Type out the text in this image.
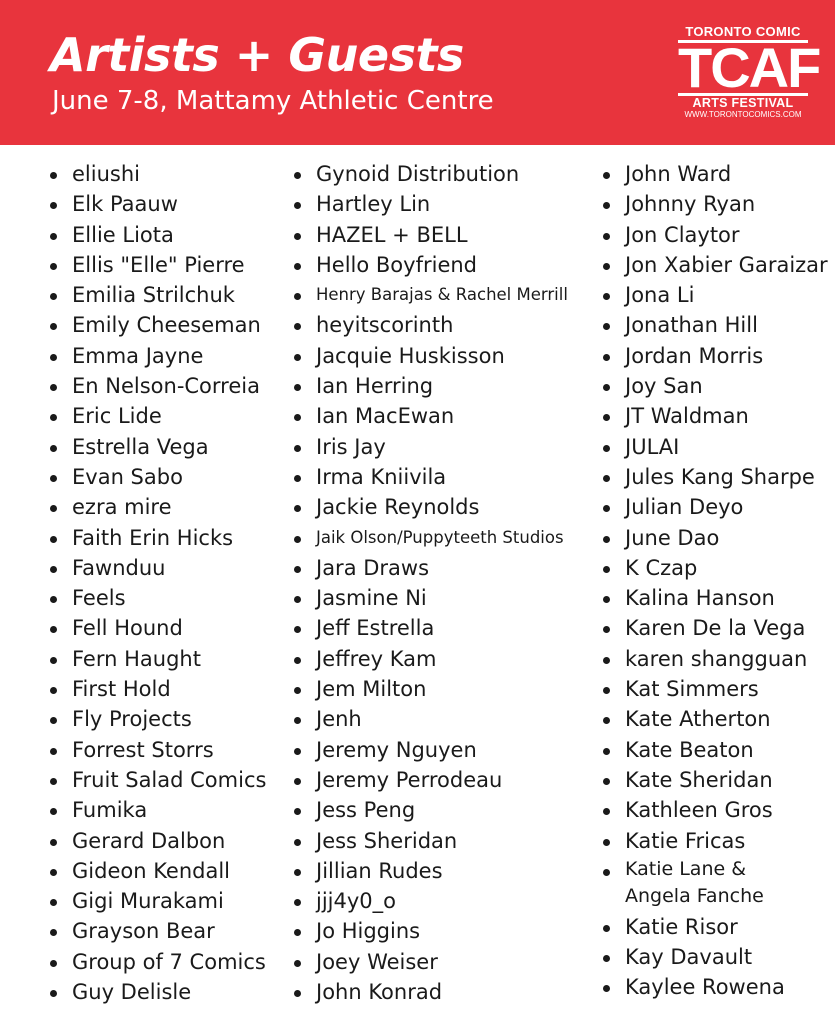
Artists + Guests
June 7-8, Mattamy Athletic Centre
TORONTO COMIC
TCAF
ARTS FESTIVAL
WWW.TORONTOCOMICS.COM
eliushi
Elk Paauw
Ellie Liota
Ellis "Elle" Pierre
Emilia Strilchuk
Emily Cheeseman
Emma Jayne
En Nelson-Correia
Eric Lide
Estrella Vega
Evan Sabo
ezra mire
Faith Erin Hicks
Fawnduu
Feels
Fell Hound
Fern Haught
First Hold
Fly Projects
Forrest Storrs
Fruit Salad Comics
Fumika
Gerard Dalbon
Gideon Kendall
Gigi Murakami
Grayson Bear
Group of 7 Comics
Guy Delisle
Gynoid Distribution
Hartley Lin
HAZEL + BELL
Hello Boyfriend
Henry Barajas & Rachel Merrill
heyitscorinth
Jacquie Huskisson
Ian Herring
Ian MacEwan
Iris Jay
Irma Kniivila
Jackie Reynolds
Jaik Olson/Puppyteeth Studios
Jara Draws
Jasmine Ni
Jeff Estrella
Jeffrey Kam
Jem Milton
Jenh
Jeremy Nguyen
Jeremy Perrodeau
Jess Peng
Jess Sheridan
Jillian Rudes
jjj4y0_o
Jo Higgins
Joey Weiser
John Konrad
John Ward
Johnny Ryan
Jon Claytor
Jon Xabier Garaizar
Jona Li
Jonathan Hill
Jordan Morris
Joy San
JT Waldman
JULAI
Jules Kang Sharpe
Julian Deyo
June Dao
K Czap
Kalina Hanson
Karen De la Vega
karen shangguan
Kat Simmers
Kate Atherton
Kate Beaton
Kate Sheridan
Kathleen Gros
Katie Fricas
Katie Lane & Angela Fanche
Katie Risor
Kay Davault
Kaylee Rowena
